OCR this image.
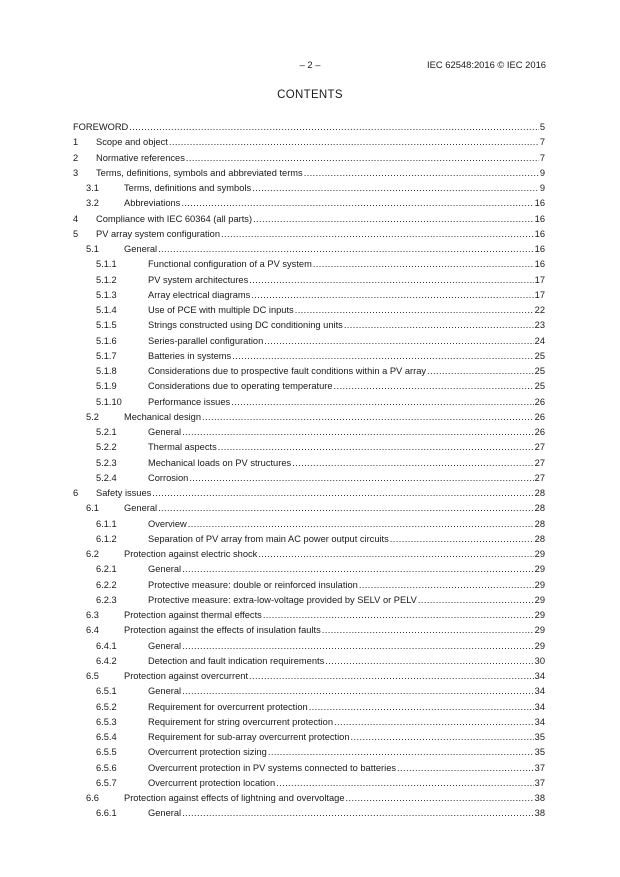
– 2 –	IEC 62548:2016 © IEC 2016
CONTENTS
FOREWORD .....	5
1 Scope and object .....	7
2 Normative references .....	7
3 Terms, definitions, symbols and abbreviated terms .....	9
3.1	Terms, definitions and symbols .....	9
3.2	Abbreviations .....	16
4 Compliance with IEC 60364 (all parts) .....	16
5 PV array system configuration .....	16
5.1	General .....	16
5.1.1	Functional configuration of a PV system .....	16
5.1.2	PV system architectures .....	17
5.1.3	Array electrical diagrams .....	17
5.1.4	Use of PCE with multiple DC inputs .....	22
5.1.5	Strings constructed using DC conditioning units .....	23
5.1.6	Series-parallel configuration .....	24
5.1.7	Batteries in systems .....	25
5.1.8	Considerations due to prospective fault conditions within a PV array .....	25
5.1.9	Considerations due to operating temperature .....	25
5.1.10	Performance issues .....	26
5.2	Mechanical design .....	26
5.2.1	General .....	26
5.2.2	Thermal aspects .....	27
5.2.3	Mechanical loads on PV structures .....	27
5.2.4	Corrosion .....	27
6 Safety issues .....	28
6.1	General .....	28
6.1.1	Overview .....	28
6.1.2	Separation of PV array from main AC power output circuits .....	28
6.2	Protection against electric shock .....	29
6.2.1	General .....	29
6.2.2	Protective measure: double or reinforced insulation .....	29
6.2.3	Protective measure: extra-low-voltage provided by SELV or PELV .....	29
6.3	Protection against thermal effects .....	29
6.4	Protection against the effects of insulation faults .....	29
6.4.1	General .....	29
6.4.2	Detection and fault indication requirements .....	30
6.5	Protection against overcurrent .....	34
6.5.1	General .....	34
6.5.2	Requirement for overcurrent protection .....	34
6.5.3	Requirement for string overcurrent protection .....	34
6.5.4	Requirement for sub-array overcurrent protection .....	35
6.5.5	Overcurrent protection sizing .....	35
6.5.6	Overcurrent protection in PV systems connected to batteries .....	37
6.5.7	Overcurrent protection location .....	37
6.6	Protection against effects of lightning and overvoltage .....	38
6.6.1	General .....	38
